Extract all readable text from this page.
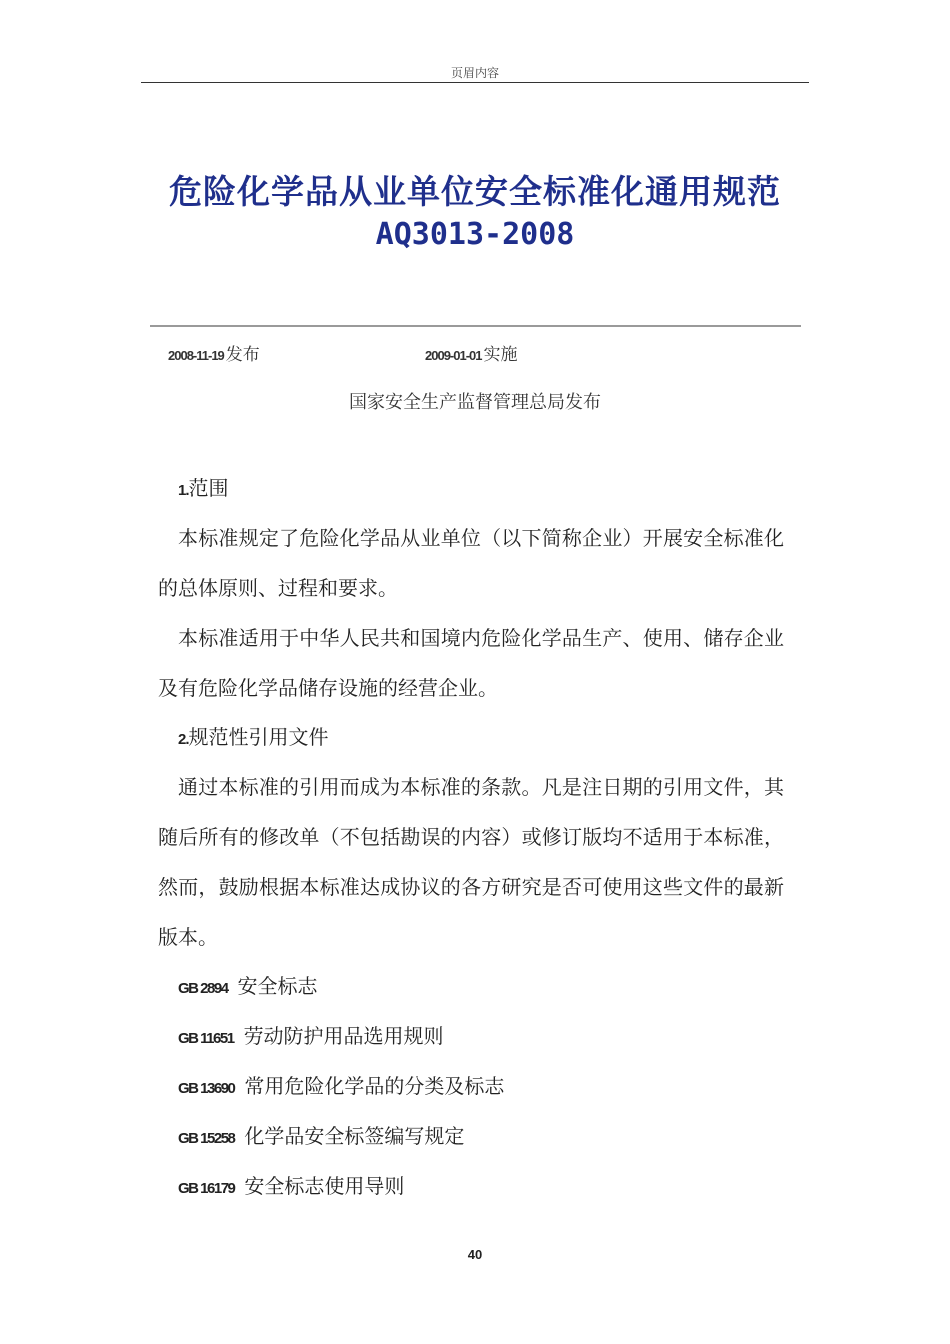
页眉内容
危险化学品从业单位安全标准化通用规范
AQ3013-2008
2008-11-19 发布	2009-01-01 实施
国家安全生产监督管理总局发布
1.范围
本标准规定了危险化学品从业单位（以下简称企业）开展安全标准化的总体原则、过程和要求。
本标准适用于中华人民共和国境内危险化学品生产、使用、储存企业及有危险化学品储存设施的经营企业。
2.规范性引用文件
通过本标准的引用而成为本标准的条款。凡是注日期的引用文件，其随后所有的修改单（不包括勘误的内容）或修订版均不适用于本标准，然而，鼓励根据本标准达成协议的各方研究是否可使用这些文件的最新版本。
GB 2894 安全标志
GB 11651 劳动防护用品选用规则
GB 13690 常用危险化学品的分类及标志
GB 15258 化学品安全标签编写规定
GB 16179 安全标志使用导则
40
